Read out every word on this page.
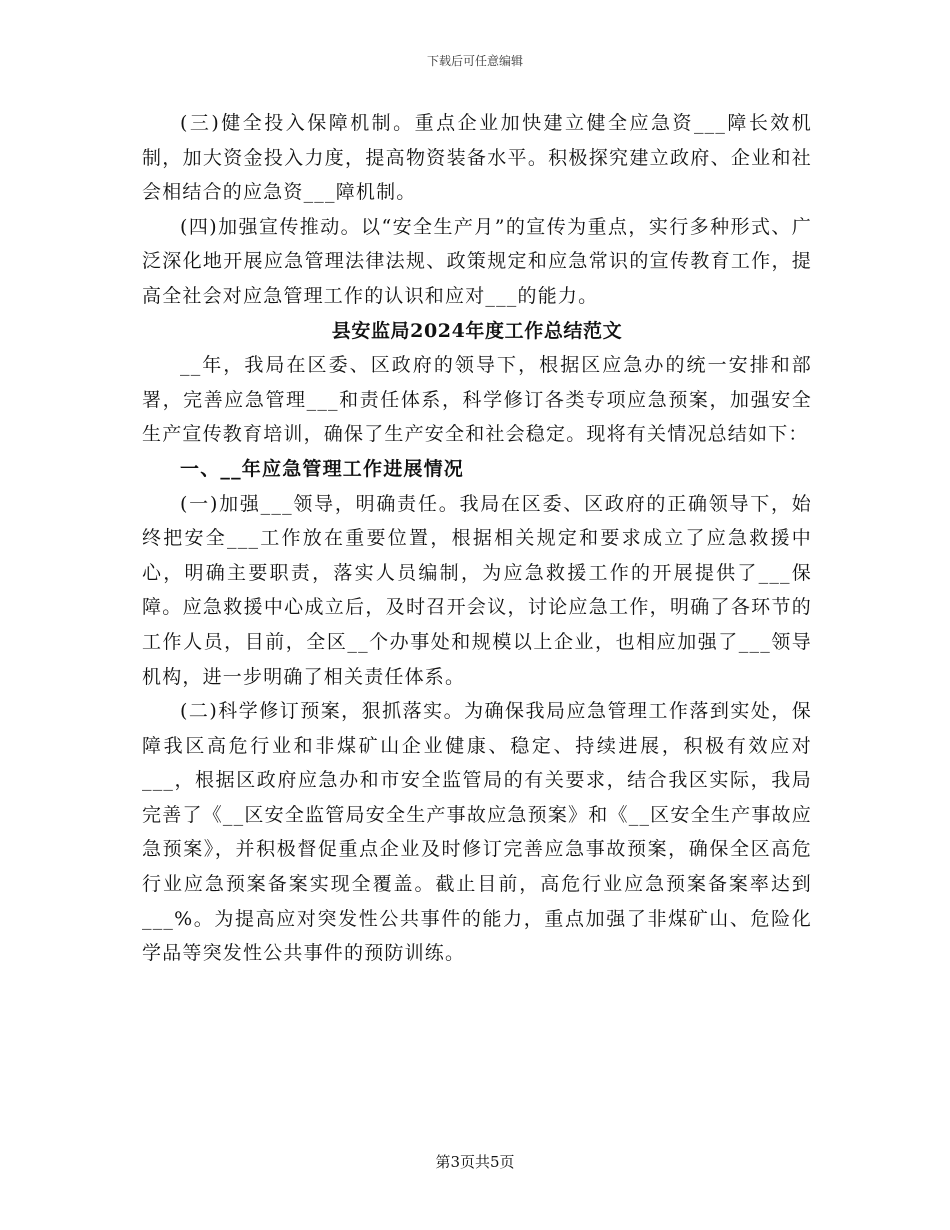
下载后可任意编辑

(三)健全投入保障机制。重点企业加快建立健全应急资___障长效机制，加大资金投入力度，提高物资装备水平。积极探究建立政府、企业和社会相结合的应急资___障机制。

(四)加强宣传推动。以“安全生产月”的宣传为重点，实行多种形式、广泛深化地开展应急管理法律法规、政策规定和应急常识的宣传教育工作，提高全社会对应急管理工作的认识和应对___的能力。

县安监局2024年度工作总结范文

__年，我局在区委、区政府的领导下，根据区应急办的统一安排和部署，完善应急管理___和责任体系，科学修订各类专项应急预案，加强安全生产宣传教育培训，确保了生产安全和社会稳定。现将有关情况总结如下：

一、__年应急管理工作进展情况

(一)加强___领导，明确责任。我局在区委、区政府的正确领导下，始终把安全___工作放在重要位置，根据相关规定和要求成立了应急救援中心，明确主要职责，落实人员编制，为应急救援工作的开展提供了___保障。应急救援中心成立后，及时召开会议，讨论应急工作，明确了各环节的工作人员，目前，全区__个办事处和规模以上企业，也相应加强了___领导机构，进一步明确了相关责任体系。

(二)科学修订预案，狠抓落实。为确保我局应急管理工作落到实处，保障我区高危行业和非煤矿山企业健康、稳定、持续进展，积极有效应对___，根据区政府应急办和市安全监管局的有关要求，结合我区实际，我局完善了《__区安全监管局安全生产事故应急预案》和《__区安全生产事故应急预案》，并积极督促重点企业及时修订完善应急事故预案，确保全区高危行业应急预案备案实现全覆盖。截止目前，高危行业应急预案备案率达到___%。为提高应对突发性公共事件的能力，重点加强了非煤矿山、危险化学品等突发性公共事件的预防训练。

第3页共5页
